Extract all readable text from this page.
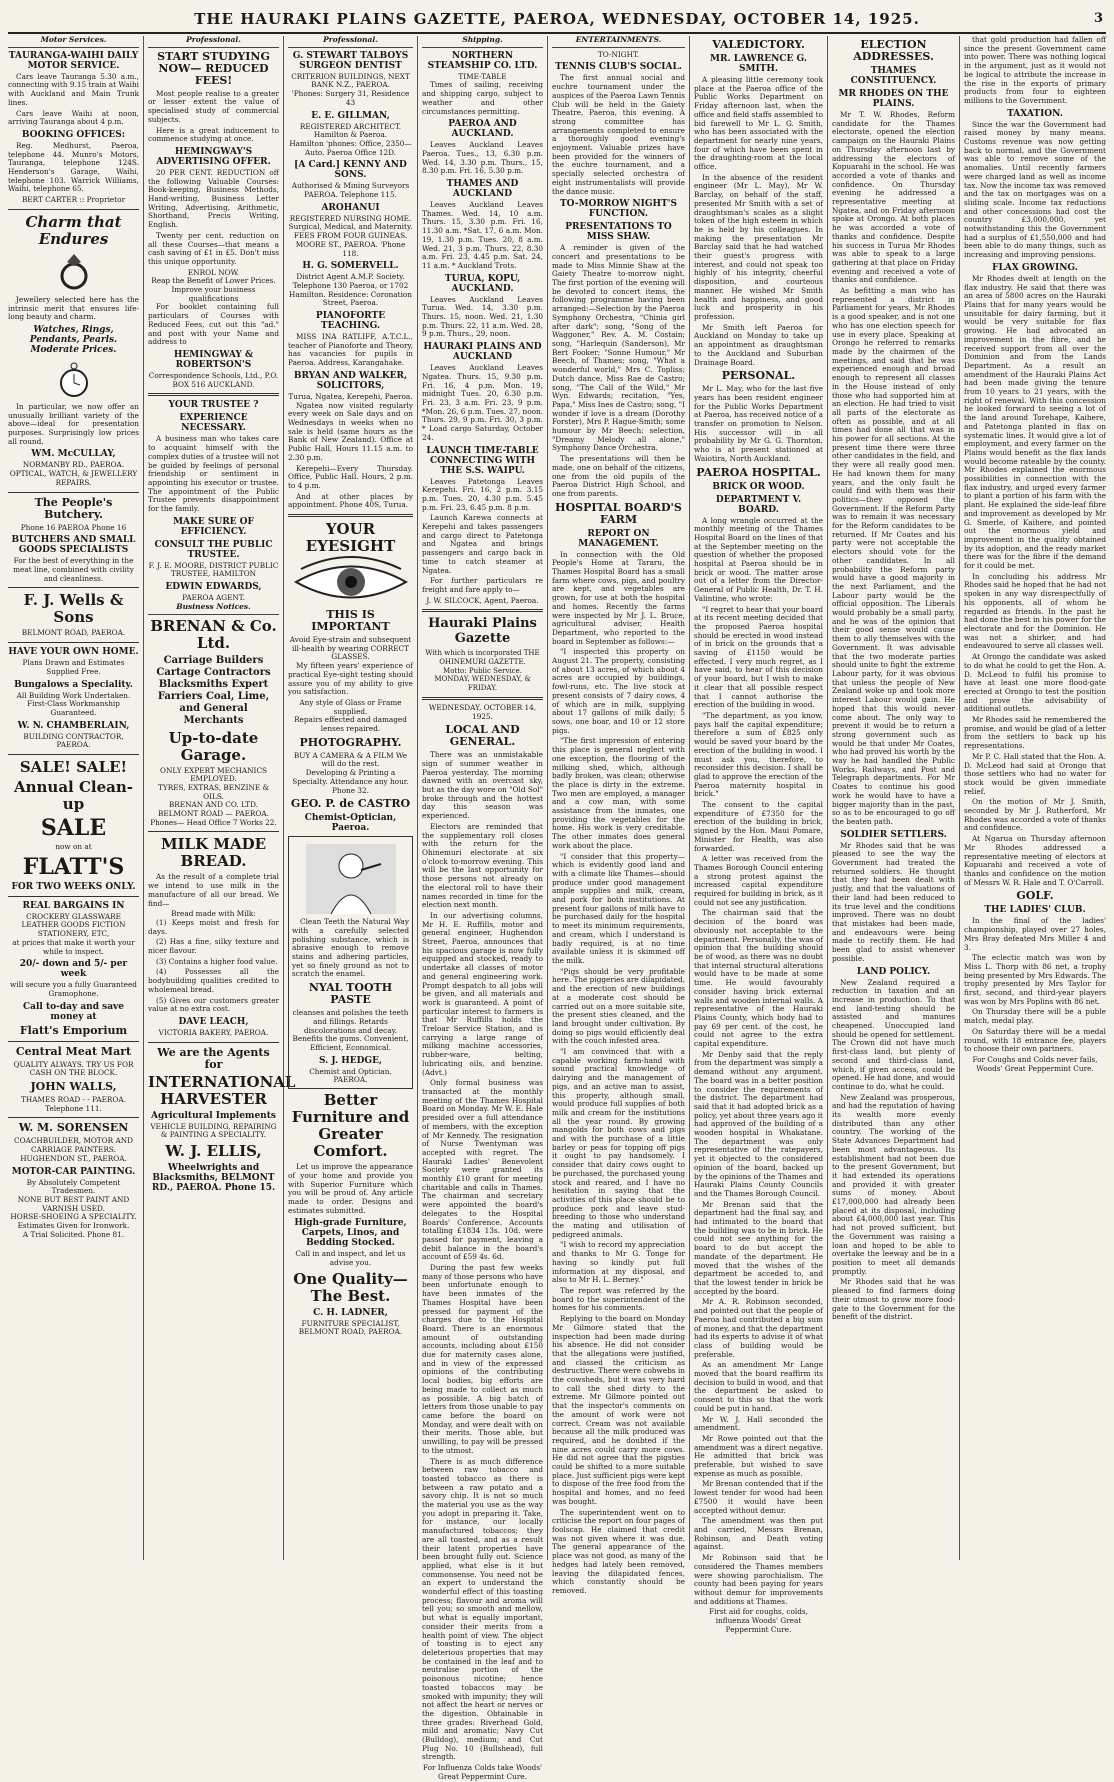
THE HAURAKI PLAINS GAZETTE, PAEROA, WEDNESDAY, OCTOBER 14, 1925.	3
Motor Services.
TAURANGA-WAIHI DAILY MOTOR SERVICE.

Cars leave Tauranga 5.30 a.m., connecting with 9.15 train at Waihi with Auckland and Main Trunk lines.

Cars leave Waihi at noon, arriving Tauranga about 4 p.m.

BOOKING OFFICES:

Reg. Medhurst, Paeroa, telephone 44. Munro's Motors, Tauranga, telephone 124S. Henderson's Garage, Waihi, telephone 103. Warrick Williams, Waihi, telephone 65.

BERT CARTER :: Proprietor
Charm that Endures

Jewellery selected here has the intrinsic merit that ensures life-long beauty and charm.

Watches, Rings, Pendants, Pearls. Moderate Prices.

In particular, we now offer an unusually brilliant variety of the above—ideal for presentation purposes. Surprisingly low prices all round.

WM. McCULLAY,
NORMANBY RD., PAEROA. OPTICAL, WATCH, & JEWELLERY REPAIRS.
The People's Butchery.
Phone 16 PAEROA Phone 16
BUTCHERS AND SMALL GOODS SPECIALISTS
For the best of everything in the meat line, combined with civility and cleanliness.
F. J. Wells & Sons
BELMONT ROAD, PAEROA.
HAVE YOUR OWN HOME.
Plans Drawn and Estimates Supplied Free.
Bungalows a Speciality.
All Building Work Undertaken. First-Class Workmanship Guaranteed.
W. N. CHAMBERLAIN,
BUILDING CONTRACTOR, PAEROA.
SALE! SALE!
Annual Clean-up
SALE
now on at
FLATT'S
FOR TWO WEEKS ONLY.
REAL BARGAINS IN
CROCKERY GLASSWARE LEATHER GOODS FICTION STATIONERY, ETC,
at prices that make it worth your while to inspect.
20/- down and 5/- per week
will secure you a fully Guaranteed Gramophone.
Call to-day and save money at
Flatt's Emporium
Central Meat Mart
QUALITY ALWAYS. TRY US FOR CASH ON THE BLOCK.
JOHN WALLS,
THAMES ROAD - - PAEROA. Telephone 111.
W. M. SORENSEN
COACHBUILDER, MOTOR AND CARRIAGE PAINTERS. HUGHENDON ST., PAEROA.
MOTOR-CAR PAINTING.
By Absolutely Competent Tradesmen.
NONE BUT BEST PAINT AND VARNISH USED.
HORSE-SHOEING A SPECIALITY.
Estimates Given for Ironwork.
A Trial Solicited. Phone 81.
Professional.
START STUDYING NOW— REDUCED FEES!

Most people realise to a greater or lesser extent the value of specialised study of commercial subjects.

Here is a great inducement to commence studying at once.

HEMINGWAY'S ADVERTISING OFFER.

20 PER CENT. REDUCTION off the following Valuable Courses: Book-keeping, Business Methods, Hand-writing, Business Letter Writing, Advertising, Arithmetic, Shorthand, Precis Writing, English.

Twenty per cent. reduction on all these Courses—that means a cash saving of £1 in £5. Don't miss this unique opportunity.

ENROL NOW.
Reap the Benefit of Lower Prices. Improve your business qualifications

For booklet containing full particulars of Courses with Reduced Fees, cut out this "ad." and post with your Name and address to

HEMINGWAY & ROBERTSON'S
Correspondence Schools, Ltd., P.O. BOX 516 AUCKLAND.
YOUR TRUSTEE ?
EXPERIENCE NECESSARY.

A business man who takes care to acquaint himself with the complex duties of a trustee will not be guided by feelings of personal friendship or sentiment in appointing his executor or trustee. The appointment of the Public Trustee prevents disappointment for the family.

MAKE SURE OF EFFICIENCY.
CONSULT THE PUBLIC TRUSTEE.
F. J. E. MOORE, DISTRICT PUBLIC TRUSTEE, HAMILTON
EDWIN EDWARDS,
PAEROA AGENT.
Business Notices.
BRENAN & Co. Ltd.
Carriage Builders Cartage Contractors Blacksmiths Expert Farriers Coal, Lime, and General Merchants
Up-to-date Garage.
ONLY EXPERT MECHANICS EMPLOYED.
TYRES, EXTRAS, BENZINE & OILS.
BRENAN AND CO. LTD. BELMONT ROAD — PAEROA.
Phones— Head Office 7 Works 22.
MILK MADE BREAD.

As the result of a complete trial we intend to use milk in the manufacture of all our bread. We find—

Bread made with Milk:

(1) Keeps moist and fresh for days.

(2) Has a fine, silky texture and nicer flavour.

(3) Contains a higher food value.

(4) Possesses all the bodybuilding qualities credited to wholemeal bread.

(5) Gives our customers greater value at no extra cost.

DAVE LEACH,
VICTORIA BAKERY, PAEROA.
We are the Agents for
INTERNATIONAL HARVESTER
Agricultural Implements
VEHICLE BUILDING, REPAIRING & PAINTING A SPECIALITY.
W. J. ELLIS,
Wheelwrights and Blacksmiths, BELMONT RD., PAEROA. Phone 15.
Professional.
G. STEWART TALBOYS SURGEON DENTIST
CRITERION BUILDINGS, NEXT BANK N.Z., PAEROA.
'Phones: Surgery 31, Residence 43
E. E. GILLMAN,
REGISTERED ARCHITECT. Hamilton & Paeroa.
Hamilton 'phones: Office, 2350—Auto. Paeroa Office 12D.
[A Card.] KENNY AND SONS.
Authorised & Mining Surveyors PAEROA. Telephone 115.
AROHANUI
REGISTERED NURSING HOME. Surgical, Medical, and Maternity. FEES FROM FOUR GUINEAS. MOORE ST., PAEROA. 'Phone 118.
H. G. SOMERVELL.
District Agent A.M.P. Society. Telephone 130 Paeroa, or 1702 Hamilton. Residence: Coronation Street, Paeroa.
PIANOFORTE TEACHING.

MISS INA RATLIFF, A.T.C.L., teacher of Pianoforte and Theory, has vacancies for pupils in Paeroa. Address, Karangahake.

BRYAN AND WALKER, SOLICITORS,
Turua, Ngatea, Kerepehi, Paeroa.

Ngatea now visited regularly every week on Sale days and on Wednesdays in weeks when no sale is held (same hours as the Bank of New Zealand). Office at Public Hall, Hours 11.15 a.m. to 2.30 p.m.

Kerepehi—Every Thursday. Office, Public Hall. Hours, 2 p.m. to 4 p.m.

And at other places by appointment. Phone 40S, Turua.

YOUR EYESIGHT
THIS IS IMPORTANT
Avoid Eye-strain and subsequent ill-health by wearing CORRECT GLASSES.

My fifteen years' experience of practical Eye-sight testing should assure you of my ability to give you satisfaction.

Any style of Glass or Frame supplied.
Repairs effected and damaged lenses repaired.
PHOTOGRAPHY.
BUY A CAMERA & A FILM We will do the rest.
Developing & Printing a Specialty. Attendance any hour. Phone 32.
GEO. P. de CASTRO
Chemist-Optician, Paeroa.

Clean Teeth the Natural Way with a carefully selected polishing substance, which is abrasive enough to remove stains and adhering particles, yet so finely ground as not to scratch the enamel.

NYAL TOOTH PASTE
cleanses and polishes the teeth and fillings. Retards discolorations and decay. Benefits the gums. Convenient, Efficient, Economical.
S. J. HEDGE,
Chemist and Optician, PAEROA.
Better Furniture and Greater Comfort.

Let us improve the appearance of your home and provide you with Superior Furniture which you will be proud of. Any article made to order. Designs and estimates submitted.

High-grade Furniture, Carpets, Linos, and Bedding Stocked.
Call in and inspect, and let us advise you.
One Quality—The Best.
C. H. LADNER,
FURNITURE SPECIALIST, BELMONT ROAD, PAEROA.
Shipping.
NORTHERN STEAMSHIP CO. LTD.
TIME-TABLE

Times of sailing, receiving and shipping cargo, subject to weather and other circumstances permitting.

PAEROA AND AUCKLAND.

Leaves Auckland Leaves Paeroa. Tues., 13, 6.30 p.m. Wed. 14, 3.30 p.m. Thurs., 15, 8.30 p.m. Fri. 16, 5.30 p.m.

THAMES AND AUCKLAND

Leaves Auckland Leaves Thames. Wed. 14, 10 a.m. Thurs. 15, 3.30 p.m. Fri. 16, 11.30 a.m. *Sat. 17, 6 a.m. Mon. 19, 1.30 p.m. Tues. 20, 8 a.m. Wed. 21, 3 p.m. Thurs. 22, 8.30 a.m. Fri. 23, 4.45 p.m. Sat. 24, 11 a.m. * Auckland Trots.

TURUA, KOPU, AUCKLAND.

Leaves Auckland Leaves Turua. Wed. 14, 3.30 p.m. Thurs. 15, noon. Wed. 21, 1.30 p.m. Thurs. 22, 11 a.m. Wed. 28, 9 p.m. Thurs., 29, noon.

HAURAKI PLAINS AND AUCKLAND

Leaves Auckland Leaves Ngatea. Thurs. 15, 9.30 p.m. Fri. 16, 4 p.m. Mon. 19, midnight Tues. 20, 6.30 p.m. Fri. 23, 3 a.m. Fri. 23, 9 p.m. *Mon. 26, 6 p.m. Tues. 27, noon. Thurs. 29, 9 p.m. Fri. 30, 3 p.m. * Load cargo Saturday, October 24.

LAUNCH TIME-TABLE CONNECTING WITH THE S.S. WAIPU.

Leaves Patetonga Leaves Kerepehi. Fri. 16, 2 p.m. 3.15 p.m. Tues. 20, 4.30 p.m. 5.45 p.m. Fri. 23, 6.45 p.m. 8 p.m.

Launch Karewa connects at Kerepehi and takes passengers and cargo direct to Patetonga and Ngatea and brings passengers and cargo back in time to catch steamer at Ngatea.

For further particulars re freight and fare apply to—

J. W. SILCOCK, Agent, Paeroa.
Hauraki Plains Gazette
With which is incorporated THE OHINEMURI GAZETTE.
Motto: Public Service.
MONDAY, WEDNESDAY, & FRIDAY.
WEDNESDAY, OCTOBER 14, 1925.
LOCAL AND GENERAL.

There was an unmistakable sign of summer weather in Paeroa yesterday. The morning dawned with an overcast sky, but as the day wore on "Old Sol" broke through and the hottest day this season was experienced.

Electors are reminded that the supplementary roll closes with the return for the Ohinemuri electorate at six o'clock to-morrow evening. This will be the last opportunity for those persons not already on the electoral roll to have their names recorded in time for the election next month.

In our advertising columns, Mr H. E. Ruffills, motor and general engineer, Hughendon Street, Paeroa, announces that his spacious garage is now fully equipped and stocked, ready to undertake all classes of motor and general engineering work. Prompt despatch to all jobs will be given, and all materials and work is guaranteed. A point of particular interest to farmers is that Mr Ruffills holds the Treloar Service Station, and is carrying a large range of milking machine accessories, rubber-ware, belting, lubricating oils, and benzine. (Advt.)

Only formal business was transacted at the monthly meeting of the Thames Hospital Board on Monday. Mr W. E. Hale presided over a full attendance of members, with the exception of Mr Kennedy. The resignation of Nurse Twentyman was accepted with regret. The Hauraki Ladies' Benevolent Society were granted its monthly £10 grant for meeting charitable and calls in Thames. The chairman and secretary were appointed the board's delegates to the Hospital Boards' Conference. Accounts totalling £1834 13s. 10d. were passed for payment, leaving a debit balance in the board's account of £59 4s. 6d.

During the past few weeks many of those persons who have been unfortunate enough to have been inmates of the Thames Hospital have been pressed for payment of the charges due to the Hospital Board. There is an enormous amount of outstanding accounts, including about £150 due for maternity cases alone, and in view of the expressed opinions of the contributing local bodies, big efforts are being made to collect as much as possible. A big batch of letters from those unable to pay came before the board on Monday, and were dealt with on their merits. Those able, but unwilling, to pay will be pressed to the utmost.

There is as much difference between raw tobacco and toasted tobacco as there is between a raw potato and a savory chip. It is not so much the material you use as the way you adopt in preparing it. Take, for instance, our locally manufactured tobaccos; they are all toasted, and as a result their latent properties have been brought fully out. Science applied, what else is it but commonsense. You need not be an expert to understand the wonderful effect of this toasting process; flavour and aroma will tell you; so smooth and mellow, but what is equally important, consider their merits from a health point of view. The object of toasting is to eject any deleterious properties that may be contained in the leaf and to neutralise portion of the poisonous nicotine; hence toasted tobaccos may be smoked with impunity; they will not affect the heart or nerves or the digestion. Obtainable in three grades: Riverhead Gold, mild and aromatic; Navy Cut (Bulldog), medium; and Cut Plug No. 10 (Bullshead), full strength.

For Influenza Colds take Woods' Great Peppermint Cure.
ENTERTAINMENTS.
TO-NIGHT.
TENNIS CLUB'S SOCIAL.

The first annual social and euchre tournament under the auspices of the Paeroa Lawn Tennis Club will be held in the Gaiety Theatre, Paeroa, this evening. A strong committee has arrangements completed to ensure a thoroughly good evening's enjoyment. Valuable prizes have been provided for the winners of the euchre tournament, and a specially selected orchestra of eight instrumentalists will provide the dance music.

TO-MORROW NIGHT'S FUNCTION.
PRESENTATIONS TO MISS SHAW.

A reminder is given of the concert and presentations to be made to Miss Minnie Shaw at the Gaiety Theatre to-morrow night. The first portion of the evening will be devoted to concert items, the following programme having been arranged:—Selection by the Paeroa Symphony Orchestra, "Chinia girl after dark"; song, "Song of the Waggoner," Rev. A. M. Costain; song, "Harlequin (Sanderson), Mr Bert Fooker; "Sonne Humour," Mr Beech, of Thames; song, "What a wonderful world," Mrs C. Topliss; Dutch dance, Miss Rae de Castro; song, "The Call of the Wild," Mr Wyn. Edwards; recitation, "Yes, Papa," Miss Ines de Castro; song, "I wonder if love is a dream (Dorothy Forster), Mrs P. Hague-Smith; some humour by Mr Beech; selection, "Dreamy Melody all alone," Symphony Dance Orchestra.

The presentations will then be made, one on behalf of the citizens, one from the old pupils of the Paeroa District High School, and one from parents.

HOSPITAL BOARD'S FARM
REPORT ON MANAGEMENT.

In connection with the Old People's Home at Tararu, the Thames Hospital Board has a small farm where cows, pigs, and poultry are kept, and vegetables are grown, for use at both the hospital and homes. Recently the farms were inspected by Mr J. L. Bruce, agricultural adviser, Health Department, who reported to the board in September as follows:—

"I inspected this property on August 21. The property, consisting of about 13 acres, of which about 4 acres are occupied by buildings, fowl-runs, etc. The live stock at present consists of 7 dairy cows, 4 of which are in milk, supplying about 17 gallons of milk daily; 5 sows, one boar, and 10 or 12 store pigs.

"The first impression of entering this place is general neglect with one exception, the flooring of the milking shed, which, although badly broken, was clean; otherwise the place is dirty in the extreme. Two men are employed, a manager and a cow man, with some assistance from the inmates, one providing the vegetables for the home. His work is very creditable. The other inmates does general work about the place.

"I consider that this property—which is evidently good land and with a climate like Thames—should produce under good management ample supplies and milk, cream, and pork for both institutions. At present four gallons of milk have to be purchased daily for the hospital to meet its minimum requirements, and cream, which I understand is badly required, is at no time available unless it is skimmed off the milk.

"Pigs should be very profitable here. The piggeries are dilapidated, and the erection of new buildings at a moderate cost should be carried out on a more suitable site, the present sties cleaned, and the land brought under cultivation. By doing so pigs would efficiently deal with the couch infested area.

"I am convinced that with a capable working farm-hand with sound practical knowledge of dairying and the management of pigs, and an active man to assist, this property, although small, would produce full supplies of both milk and cream for the institutions all the year round. By growing mangolds for both cows and pigs and with the purchase of a little barley or peas for topping off pigs it ought to pay handsomely. I consider that dairy cows ought to be purchased, the purchased young stock and reared, and I have no hesitation in saying that the activities of this place should be to produce pork and leave stud-breeding to those who understand the mating and utilisation of pedigreed animals.

"I wish to record my appreciation and thanks to Mr G. Tonge for having so kindly put full information at my disposal, and also to Mr H. L. Berney."

The report was referred by the board to the superintendent of the homes for his comments.

Replying to the board on Monday Mr Gilmore stated that the inspection had been made during his absence. He did not consider that the allegations were justified, and classed the criticism as destructive. There were cobwebs in the cowsheds, but it was very hard to call the shed dirty to the extreme. Mr Gilmore pointed out that the inspector's comments on the amount of work were not correct. Cream was not available because all the milk produced was required, and he doubted if the nine acres could carry more cows. He did not agree that the pigsties could be shifted to a more suitable place. Just sufficient pigs were kept to dispose of the free food from the hospital and homes, and no feed was bought.

The superintendent went on to criticise the report on four pages of foolscap. He claimed that credit was not given where it was due. The general appearance of the place was not good, as many of the hedges had lately been removed, leaving the dilapidated fences, which constantly should be removed.

VALEDICTORY.
MR. LAWRENCE G. SMITH.

A pleasing little ceremony took place at the Paeroa office of the Public Works Department on Friday afternoon last, when the office and field staffs assembled to bid farewell to Mr L. G. Smith, who has been associated with the department for nearly nine years, four of which have been spent in the draughting-room at the local office.

In the absence of the resident engineer (Mr L. May), Mr W. Barclay, on behalf of the staff, presented Mr Smith with a set of draughtsman's scales as a slight token of the high esteem in which he is held by his colleagues. In making the presentation Mr Barclay said that he had watched their guest's progress with interest, and could not speak too highly of his integrity, cheerful disposition, and courteous manner. He wished Mr Smith health and happiness, and good luck and prosperity in his profession.

Mr Smith left Paeroa for Auckland on Monday to take up an appointment as draughtsman to the Auckland and Suburban Drainage Board.

PERSONAL.

Mr L. May, who for the last five years has been resident engineer for the Public Works Department at Paeroa, has received notice of a transfer on promotion to Nelson. His successor will in all probability by Mr G. G. Thornton, who is at present stationed at Waiotira, North Auckland.

PAEROA HOSPITAL.
BRICK OR WOOD.
DEPARTMENT V. BOARD.

A long wrangle occurred at the monthly meeting of the Thames Hospital Board on the lines of that at the September meeting on the question of whether the proposed hospital at Paeroa should be in brick or wood. The matter arose out of a letter from the Director-General of Public Health, Dr. T. H. Valintine, who wrote:

"I regret to hear that your board at its recent meeting decided that the proposed Paeroa hospital should be erected in wood instead of in brick on the grounds that a saving of £1150 would be effected. I very much regret, as I have said, to hear of this decision of your board, but I wish to make it clear that all possible respect that I cannot authorise the erection of the building in wood.

"The department, as you know, pays half the capital expenditure; therefore a sum of £825 only would be saved your board by the erection of the building in wood. I must ask you, therefore, to reconsider this decision. I shall be glad to approve the erection of the Paeroa maternity hospital in brick."

The consent to the capital expenditure of £7350 for the erection of the building in brick, signed by the Hon. Maui Pomare, Minister for Health, was also forwarded.

A letter was received from the Thames Borough Council entering a strong protest against the increased capital expenditure required for building in brick, as it could not see any justification.

The chairman said that the decision of the board was obviously not acceptable to the department. Personally, the was of opinion that the building should be of wood, as there was no doubt that internal structural alterations would have to be made at some time. He would favourably consider having brick external walls and wooden internal walls. A representative of the Hauraki Plains County, which body had to pay 69 per cent. of the cost, he could not agree to the extra capital expenditure.

Mr Denby said that the reply from the department was simply a demand without any argument. The board was in a better position to consider the requirements of the district. The department had said that it had adopted brick as a policy, yet about three years ago it had approved of the building of a wooden hospital in Whakatane. The department was only representative of the ratepayers, yet it objected to the considered opinion of the board, backed up by the opinions of the Thames and Hauraki Plains County Councils and the Thames Borough Council.

Mr Brenan said that the department had the final say, and had intimated to the board that the building was to be in brick. He could not see anything for the board to do but accept the mandate of the department. He moved that the wishes of the department be acceded to, and that the lowest tender in brick be accepted by the board.

Mr A. R. Robinson seconded, and pointed out that the people of Paeroa had contributed a big sum of money, and that the department had its experts to advise it of what class of building would be preferable.

As an amendment Mr Lange moved that the board reaffirm its decision to build in wood, and that the department be asked to consent to this so that the work could be put in hand.

Mr W. J. Hall seconded the amendment.

Mr Rowe pointed out that the amendment was a direct negative. He admitted that brick was preferable, but wished to save expense as much as possible.

Mr Brenan contended that if the lowest tender for wood had been £7500 it would have been accepted without demur.

The amendment was then put and carried, Messrs Brenan, Robinson, and Death voting against.

Mr Robinson said that he considered the Thames members were showing parochialism. The county had been paying for years without demur for improvements and additions at Thames.

First aid for coughs, colds, influenza Woods' Great Peppermint Cure.
ELECTION ADDRESSES.
THAMES CONSTITUENCY.
MR RHODES ON THE PLAINS.

Mr T. W. Rhodes, Reform candidate for the Thames electorate, opened the election campaign on the Hauraki Plains on Thursday afternoon last by addressing the electors of Kopuarahi in the school. He was accorded a vote of thanks and confidence. On Thursday evening he addressed a representative meeting at Ngatea, and on Friday afternoon spoke at Orongo. At both places he was accorded a vote of thanks and confidence. Despite his success in Turua Mr Rhodes was able to speak to a large gathering at that place on Friday evening and received a vote of thanks and confidence.

As befitting a man who has represented a district in Parliament for years, Mr Rhodes is a good speaker, and is not one who has one election speech for use in every place. Speaking at Orongo he referred to remarks made by the chairmen of the meetings, and said that he was experienced enough and broad enough to represent all classes in the House instead of only those who had supported him at an election. He had tried to visit all parts of the electorate as often as possible, and at all times had done all that was in his power for all sections. At the present time there were three other candidates in the field, and they were all really good men. He had known them for many years, and the only fault he could find with them was their politics—they opposed the Government. If the Reform Party was to remain it was necessary for the Reform candidates to be returned. If Mr Coates and his party were not acceptable the electors should vote for the other candidates. In all probability the Reform party would have a good majority in the next Parliament, and the Labour party would be the official opposition. The Liberals would probably be a small party, and he was of the opinion that their good sense would cause them to ally themselves with the Government. It was advisable that the two moderate parties should unite to fight the extreme Labour party, for it was obvious that unless the people of New Zealand woke up and took more interest Labour would gain. He hoped that this would never come about. The only way to prevent it would be to return a strong government such as would be that under Mr Coates, who had proved his worth by the way he had handled the Public Works, Railways, and Post and Telegraph departments. For Mr Coates to continue his good work he would have to have a bigger majority than in the past, so as to be encouraged to go off the beaten path.

SOLDIER SETTLERS.

Mr Rhodes said that he was pleased to see the way the Government had treated the returned soldiers. He thought that they had been dealt with justly, and that the valuations of their land had been reduced to its true level and the conditions improved. There was no doubt that mistakes had been made, and endeavours were being made to rectify them. He had been glad to assist whenever possible.

LAND POLICY.

New Zealand required a reduction in taxation and an increase in production. To that end land-testing should be assisted and manures cheapened. Unoccupied land should be opened for settlement. The Crown did not have much first-class land, but plenty of second and third-class land, which, if given access, could be opened. He had done, and would continue to do, what he could.

New Zealand was prosperous, and had the reputation of having its wealth more evenly distributed than any other country. The working of the State Advances Department had been most advantageous. Its establishment had not been due to the present Government, but it had extended its operations and provided it with greater sums of money. About £17,000,000 had already been placed at its disposal, including about £4,000,000 last year. This had not proved sufficient, but the Government was raising a loan and hoped to be able to overtake the leeway and be in a position to meet all demands promptly.

Mr Rhodes said that he was pleased to find farmers doing their utmost to grow more food-gate to the Government for the benefit of the district.

that gold production had fallen off since the present Government came into power. There was nothing logical in the argument, just as it would not be logical to attribute the increase in the rise in the exports of primary products from four to eighteen millions to the Government.

TAXATION.

Since the war the Government had raised money by many means. Customs revenue was now getting back to normal, and the Government was able to remove some of the anomalies. Until recently farmers were charged land as well as income tax. Now the income tax was removed and the tax on mortgages was on a sliding scale. Income tax reductions and other concessions had cost the country £3,000,000, yet notwithstanding this the Government had a surplus of £1,550,000 and had been able to do many things, such as increasing and improving pensions.

FLAX GROWING.

Mr Rhodes dwelt at length on the flax industry. He said that there was an area of 5800 acres on the Hauraki Plains that for many years would be unsuitable for dairy farming, but it would be very suitable for flax growing. He had advocated an improvement in the fibre, and he received support from all over the Dominion and from the Lands Department. As a result an amendment of the Hauraki Plains Act had been made giving the tenure from 10 years to 21 years, with the right of renewal. With this concession he looked forward to seeing a lot of the land around Torehape, Kaihere, and Patetonga planted in flax on systematic lines. It would give a lot of employment, and every farmer on the Plains would benefit as the flax lands would become rateable by the county. Mr Rhodes explained the enormous possibilities in connection with the flax industry, and urged every farmer to plant a portion of his farm with the plant. He explained the side-leaf fibre and improvement as developed by Mr G. Smerle, of Kaihere, and pointed out the enormous yield and improvement in the quality obtained by its adoption, and the ready market there was for the fibre if the demand for it could be met.

In concluding his address Mr Rhodes said he hoped that he had not spoken in any way disrespectfully of his opponents, all of whom he regarded as friends. In the past he had done the best in his power for the electorate and for the Dominion. He was not a shirker, and had endeavoured to serve all classes well.

At Orongo the candidate was asked to do what he could to get the Hon. A. D. McLeod to fulfil his promise to have at least one more flood-gate erected at Orongo to test the position and prove the advisability of additional outlets.

Mr Rhodes said he remembered the promise, and would be glad of a letter from the settlers to back up his representations.

Mr P. C. Hall stated that the Hon. A. D. McLeod had said at Orongo that those settlers who had no water for stock would be given immediate relief.

On the motion of Mr J. Smith, seconded by Mr J. Rutherford, Mr Rhodes was accorded a vote of thanks and confidence.

At Ngarua on Thursday afternoon Mr Rhodes addressed a representative meeting of electors at Kopuarahi and received a vote of thanks and confidence on the motion of Messrs W. R. Hale and T. O'Carroll.

GOLF.
THE LADIES' CLUB.

In the final of the ladies' championship, played over 27 holes, Mrs Bray defeated Mrs Miller 4 and 3.

The eclectic match was won by Miss L. Thorp with 86 net, a trophy being presented by Mrs Edwards. The trophy presented by Mrs Taylor for first, second, and third-year players was won by Mrs Poplins with 86 net.

On Thursday there will be a puble match, medal play.

On Saturday there will be a medal round, with 18 entrance fee, players to choose their own partners.

For Coughs and Colds never fails, Woods' Great Peppermint Cure.
